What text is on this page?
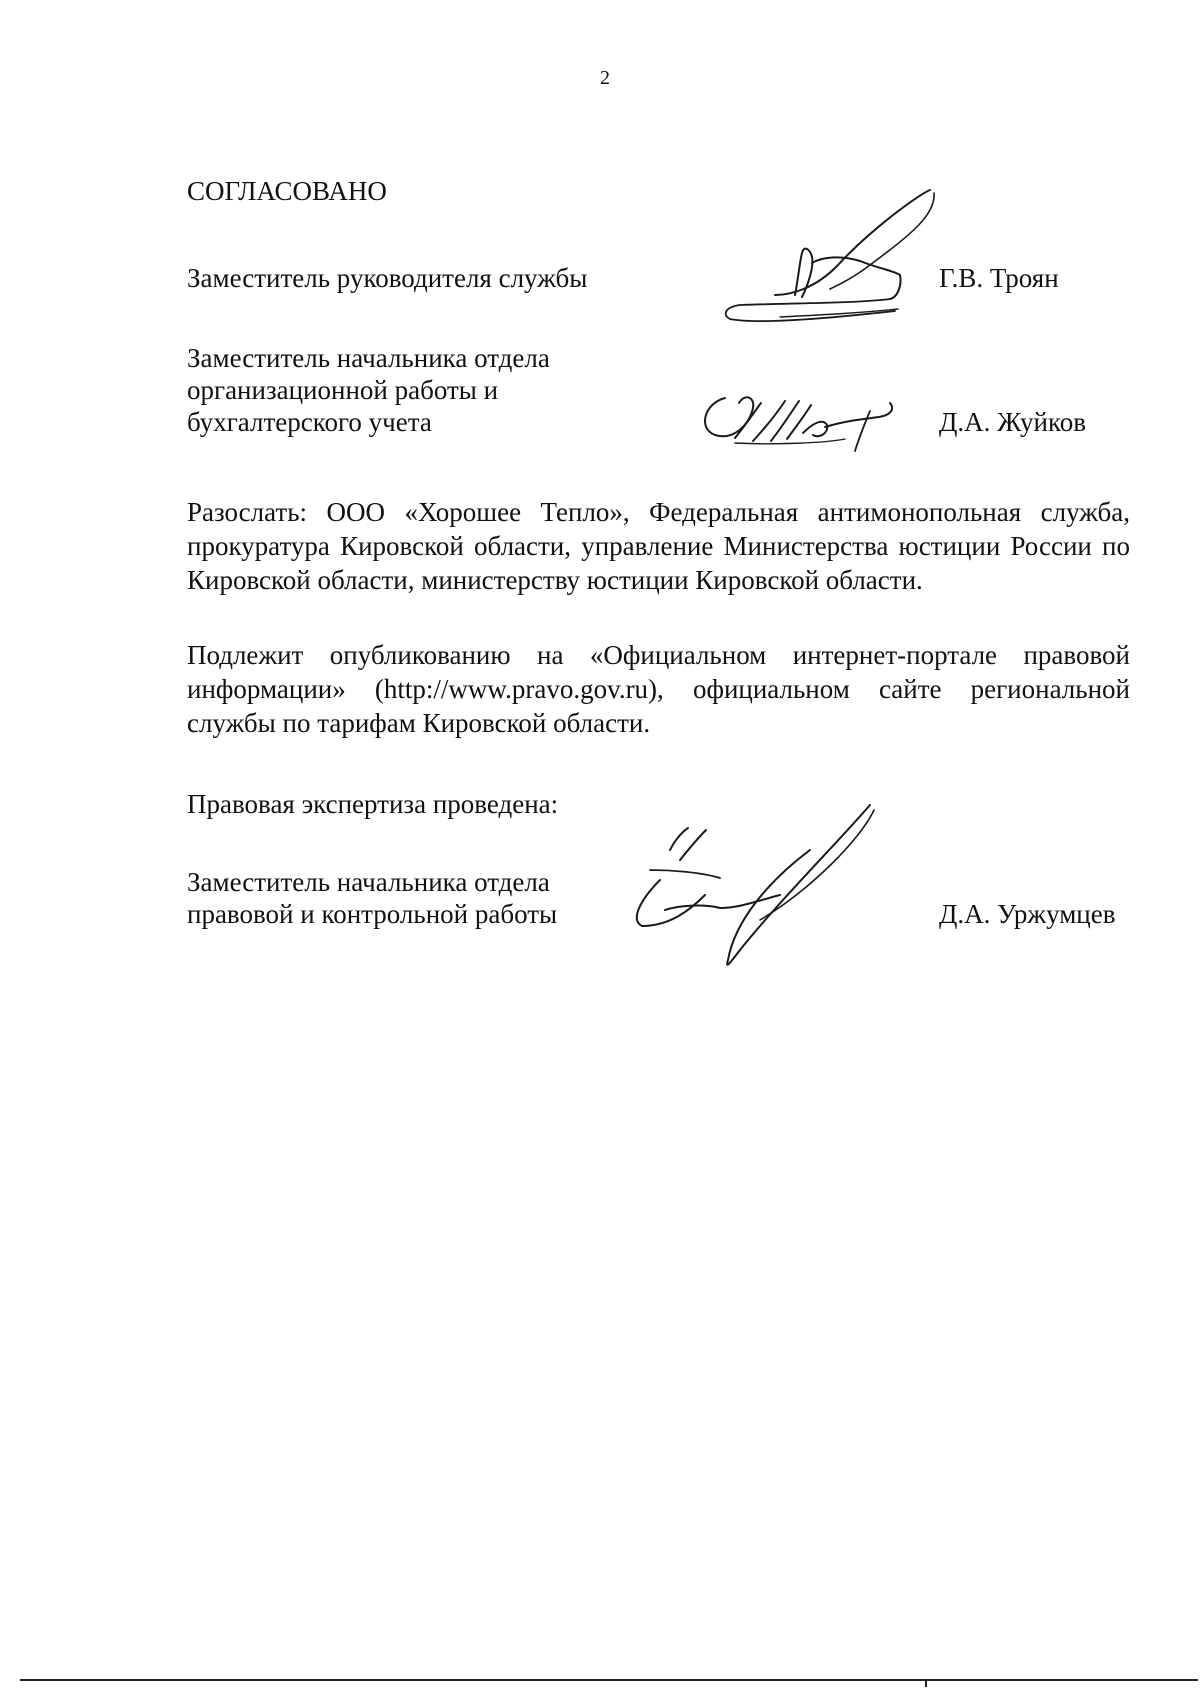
2
СОГЛАСОВАНО
Заместитель руководителя службы	Г.В. Троян
Заместитель начальника отдела
организационной работы и
бухгалтерского учета	Д.А. Жуйков
Разослать: ООО «Хорошее Тепло», Федеральная антимонопольная служба, прокуратура Кировской области, управление Министерства юстиции России по Кировской области, министерству юстиции Кировской области.
Подлежит опубликованию на «Официальном интернет-портале правовой информации» (http://www.pravo.gov.ru), официальном сайте региональной службы по тарифам Кировской области.
Правовая экспертиза проведена:
Заместитель начальника отдела
правовой и контрольной работы	Д.А. Уржумцев
